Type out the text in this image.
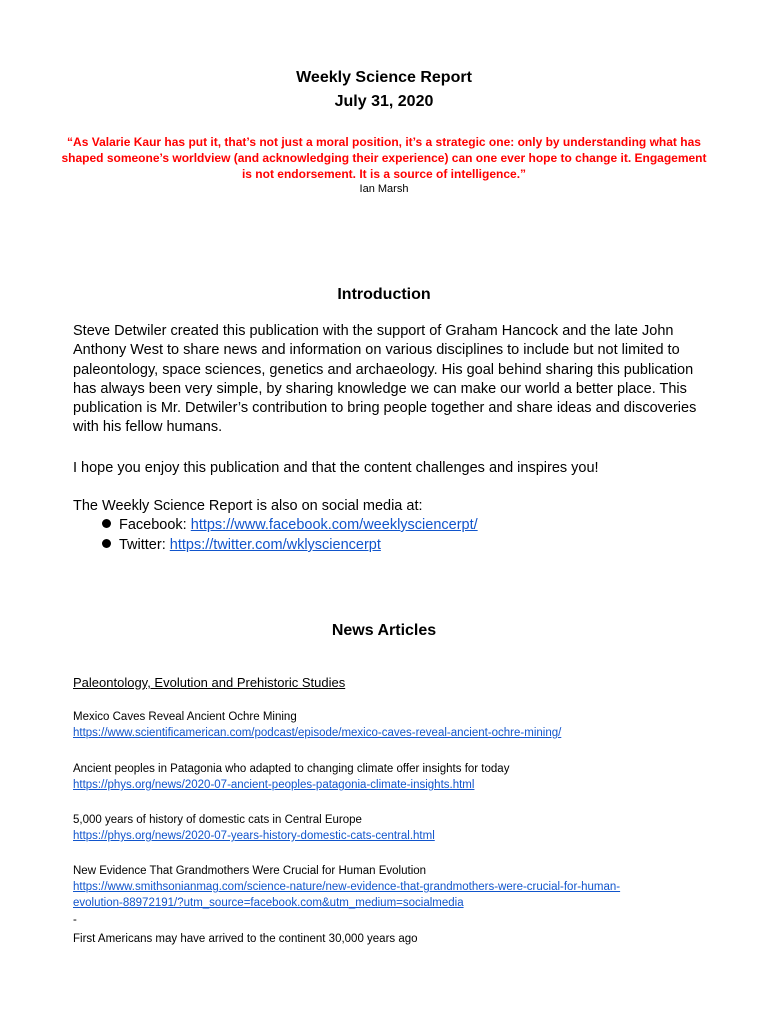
Weekly Science Report
July 31, 2020
“As Valarie Kaur has put it, that’s not just a moral position, it’s a strategic one: only by understanding what has shaped someone’s worldview (and acknowledging their experience) can one ever hope to change it. Engagement is not endorsement. It is a source of intelligence.”
Ian Marsh
Introduction
Steve Detwiler created this publication with the support of Graham Hancock and the late John Anthony West to share news and information on various disciplines to include but not limited to paleontology, space sciences, genetics and archaeology. His goal behind sharing this publication has always been very simple, by sharing knowledge we can make our world a better place. This publication is Mr. Detwiler’s contribution to bring people together and share ideas and discoveries with his fellow humans.
I hope you enjoy this publication and that the content challenges and inspires you!
The Weekly Science Report is also on social media at:
Facebook: https://www.facebook.com/weeklysciencerpt/
Twitter: https://twitter.com/wklysciencerpt
News Articles
Paleontology, Evolution and Prehistoric Studies
Mexico Caves Reveal Ancient Ochre Mining
https://www.scientificamerican.com/podcast/episode/mexico-caves-reveal-ancient-ochre-mining/
Ancient peoples in Patagonia who adapted to changing climate offer insights for today
https://phys.org/news/2020-07-ancient-peoples-patagonia-climate-insights.html
5,000 years of history of domestic cats in Central Europe
https://phys.org/news/2020-07-years-history-domestic-cats-central.html
New Evidence That Grandmothers Were Crucial for Human Evolution
https://www.smithsonianmag.com/science-nature/new-evidence-that-grandmothers-were-crucial-for-human-
evolution-88972191/?utm_source=facebook.com&utm_medium=socialmedia
-
First Americans may have arrived to the continent 30,000 years ago
